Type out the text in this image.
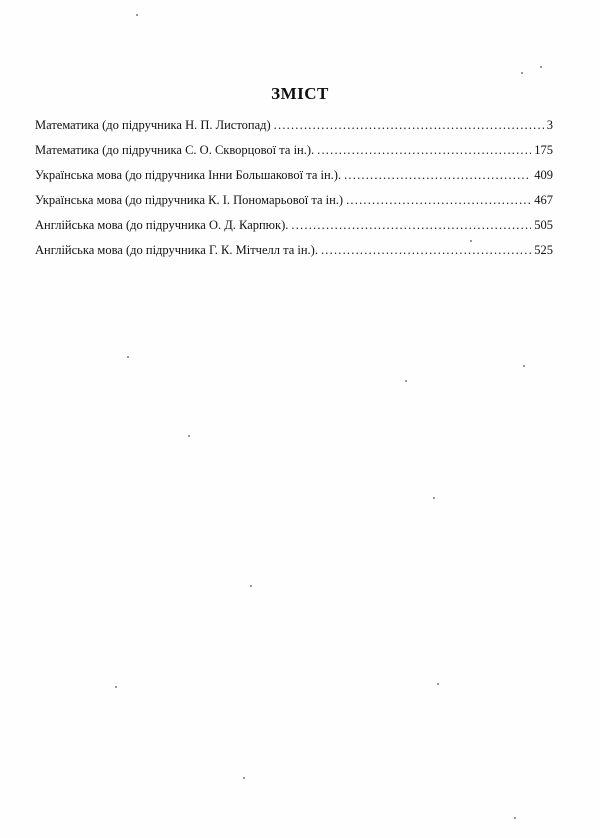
ЗМІСТ
Математика (до підручника Н. П. Листопад) .....	3
Математика (до підручника С. О. Скворцової та ін.). .....	175
Українська мова (до підручника Інни Большакової та ін.). .....	409
Українська мова (до підручника К. І. Пономарьової та ін.) .....	467
Англійська мова (до підручника О. Д. Карпюк). .....	505
Англійська мова (до підручника Г. К. Мітчелл та ін.). .....	525
